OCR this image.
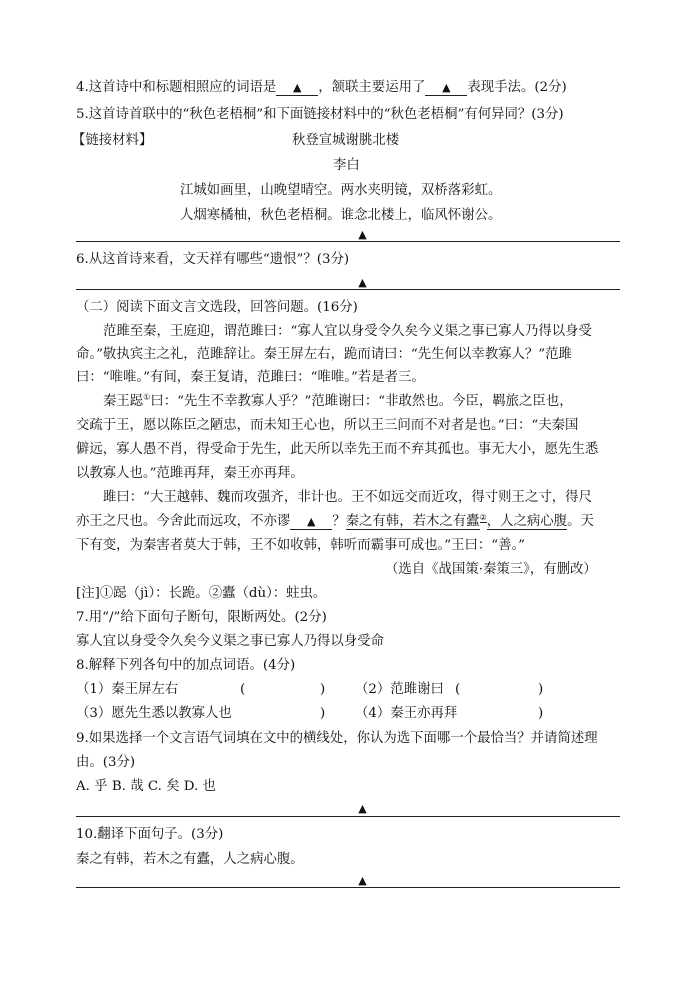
4.这首诗中和标题相照应的词语是 ▲ ，颔联主要运用了 ▲ 表现手法。(2分)
5.这首诗首联中的“秋色老梧桐”和下面链接材料中的“秋色老梧桐”有何异同？(3分)
【链接材料】	秋登宣城谢朓北楼
李白
江城如画里，山晚望晴空。两水夹明镜，双桥落彩虹。
人烟寒橘柚，秋色老梧桐。谁念北楼上，临风怀谢公。
▲
6.从这首诗来看，文天祥有哪些“遗恨”？(3分)
▲
（二）阅读下面文言文选段，回答问题。(16分)
范雎至秦，王庭迎，谓范雎曰：“寡人宜以身受令久矣今义渠之事已寡人乃得以身受
命。”敬执宾主之礼，范雎辞让。秦王屏左右，跪而请曰：“先生何以幸教寡人？”范雎
曰：“唯唯。”有间，秦王复请，范雎曰：“唯唯。”若是者三。
秦王跽①曰：“先生不幸教寡人乎？”范雎谢曰：“非敢然也。今臣，羁旅之臣也，
交疏于王，愿以陈臣之陋忠，而未知王心也，所以王三问而不对者是也。”曰：“夫秦国
僻远，寡人愚不肖，得受命于先生，此天所以幸先王而不弃其孤也。事无大小，愿先生悉
以教寡人也。”范雎再拜，秦王亦再拜。
雎曰：“大王越韩、魏而攻强齐，非计也。王不如远交而近攻，得寸则王之寸，得尺
亦王之尺也。今舍此而远攻，不亦谬 ▲ ？秦之有韩，若木之有蠹②，人之病心腹。天
下有变，为秦害者莫大于韩，王不如收韩，韩听而霸事可成也。”王曰：“善。”
（选自《战国策·秦策三》，有删改）
[注]①跽（jì）：长跪。②蠹（dù）：蛀虫。
7.用“/”给下面句子断句，限断两处。(2分)
寡人宜以身受令久矣今义渠之事已寡人乃得以身受命
8.解释下列各句中的加点词语。(4分)
（1）秦王屏左右	(	) （2）范雎谢曰 (	)
（3）愿先生悉以教寡人也	) （4）秦王亦再拜	)
9.如果选择一个文言语气词填在文中的横线处，你认为选下面哪一个最恰当？并请简述理
由。(3分)
A. 乎 B. 哉 C. 矣 D. 也
▲
10.翻译下面句子。(3分)
秦之有韩，若木之有蠹，人之病心腹。
▲
